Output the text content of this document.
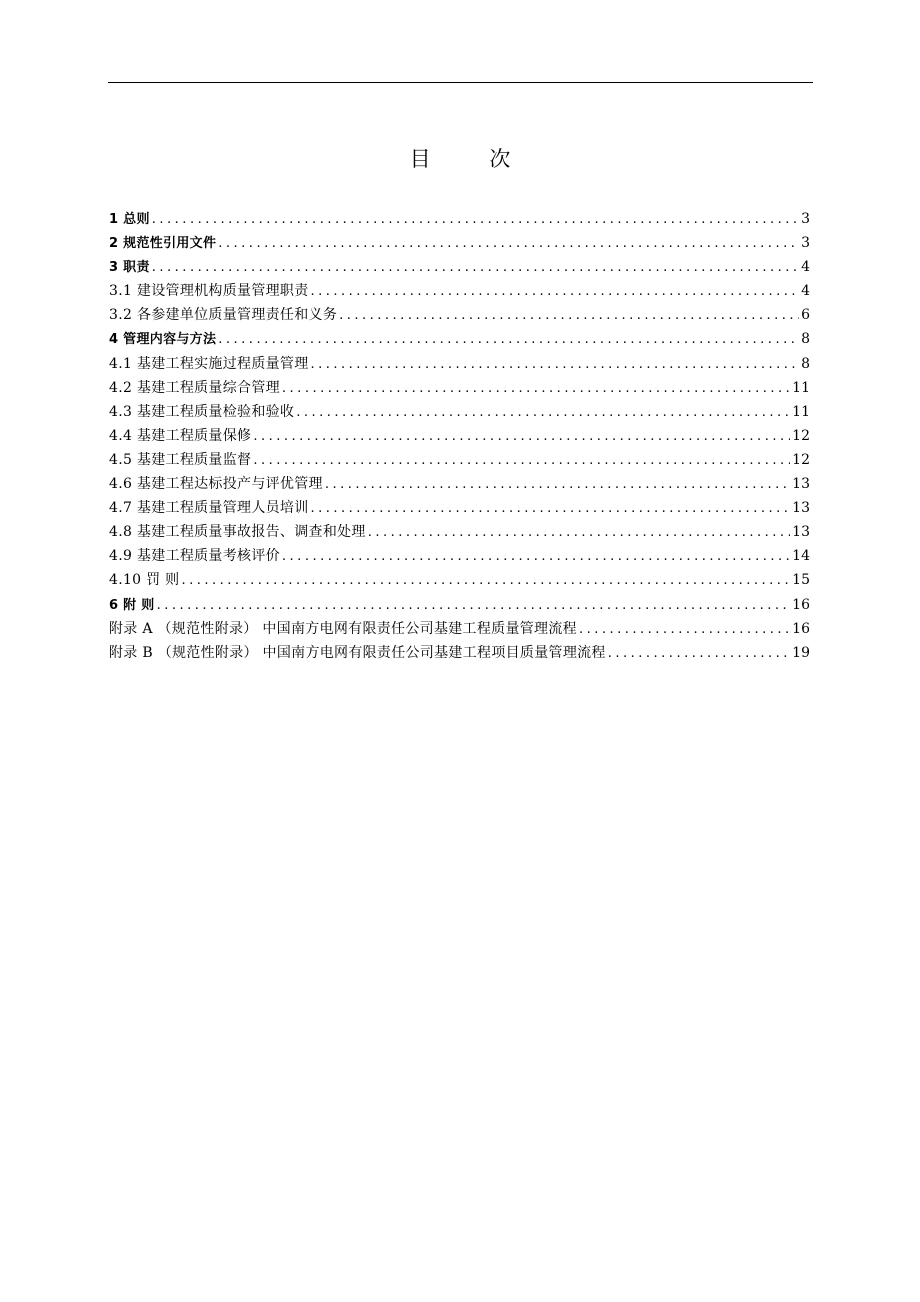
目 次
1 总则 .....	3
2 规范性引用文件 .....	3
3 职责 .....	4
3.1 建设管理机构质量管理职责 .....	4
3.2 各参建单位质量管理责任和义务 .....	6
4 管理内容与方法 .....	8
4.1 基建工程实施过程质量管理 .....	8
4.2 基建工程质量综合管理 .....	11
4.3 基建工程质量检验和验收 .....	11
4.4 基建工程质量保修 .....	12
4.5 基建工程质量监督 .....	12
4.6 基建工程达标投产与评优管理 .....	13
4.7 基建工程质量管理人员培训 .....	13
4.8 基建工程质量事故报告、调查和处理 .....	13
4.9 基建工程质量考核评价 .....	14
4.10 罚 则 .....	15
6 附 则 .....	16
附录 A （规范性附录） 中国南方电网有限责任公司基建工程质量管理流程 .....	16
附录 B （规范性附录） 中国南方电网有限责任公司基建工程项目质量管理流程 .....	19
